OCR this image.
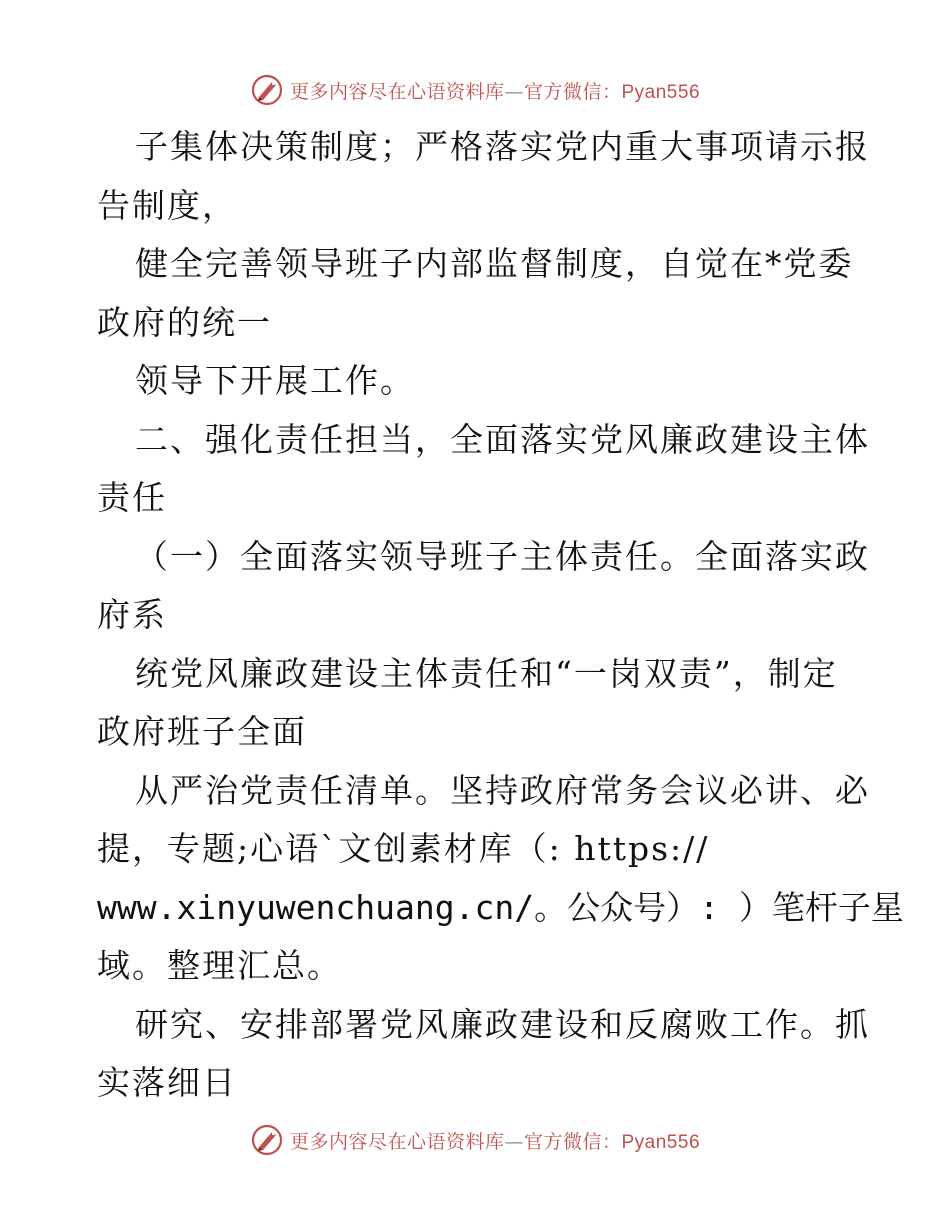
更多内容尽在心语资料库—官方微信：Pyan556
子集体决策制度；严格落实党内重大事项请示报
告制度，
健全完善领导班子内部监督制度，自觉在*党委
政府的统一
领导下开展工作。
二、强化责任担当，全面落实党风廉政建设主体
责任
（一）全面落实领导班子主体责任。全面落实政
府系
统党风廉政建设主体责任和“一岗双责”，制定
政府班子全面
从严治党责任清单。坚持政府常务会议必讲、必
提，专题;心语`文创素材库（: https://
www.xinyuwenchuang.cn/。公众号）: ）笔杆子星
域。整理汇总。
研究、安排部署党风廉政建设和反腐败工作。抓
实落细日
更多内容尽在心语资料库—官方微信：Pyan556
